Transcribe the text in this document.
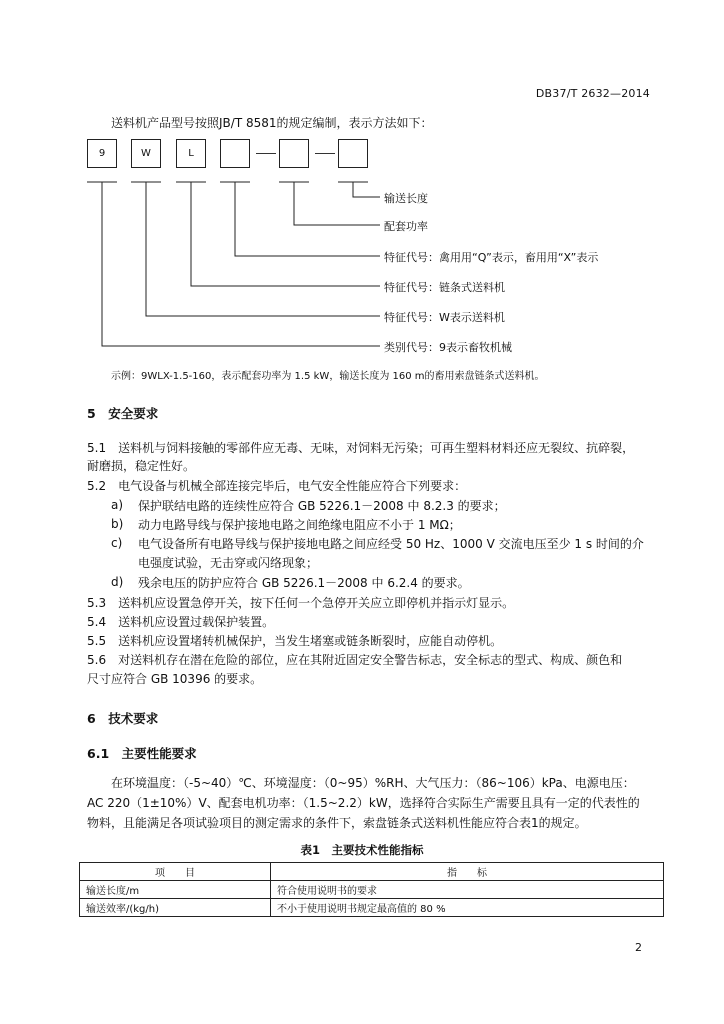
DB37/T 2632—2014
送料机产品型号按照JB/T 8581的规定编制，表示方法如下：
9	W	L
输送长度
配套功率
特征代号：禽用用“Q”表示，畜用用“X”表示
特征代号：链条式送料机
特征代号：W表示送料机
类别代号：9表示畜牧机械
示例：9WLX-1.5-160，表示配套功率为 1.5 kW，输送长度为 160 m的畜用索盘链条式送料机。
5　安全要求
5.1　送料机与饲料接触的零部件应无毒、无味，对饲料无污染；可再生塑料材料还应无裂纹、抗碎裂，
耐磨损，稳定性好。
5.2　电气设备与机械全部连接完毕后，电气安全性能应符合下列要求：
a) 保护联结电路的连续性应符合 GB 5226.1－2008 中 8.2.3 的要求；
b) 动力电路导线与保护接地电路之间绝缘电阻应不小于 1 MΩ；
c) 电气设备所有电路导线与保护接地电路之间应经受 50 Hz、1000 V 交流电压至少 1 s 时间的介
电强度试验，无击穿或闪络现象；
d) 残余电压的防护应符合 GB 5226.1－2008 中 6.2.4 的要求。
5.3　送料机应设置急停开关，按下任何一个急停开关应立即停机并指示灯显示。
5.4　送料机应设置过载保护装置。
5.5　送料机应设置堵转机械保护，当发生堵塞或链条断裂时，应能自动停机。
5.6　对送料机存在潜在危险的部位，应在其附近固定安全警告标志，安全标志的型式、构成、颜色和
尺寸应符合 GB 10396 的要求。
6　技术要求
6.1　主要性能要求
在环境温度：（-5~40）℃、环境湿度：（0~95）%RH、大气压力：（86~106）kPa、电源电压：
AC 220（1±10%）V、配套电机功率：（1.5~2.2）kW，选择符合实际生产需要且具有一定的代表性的
物料，且能满足各项试验项目的测定需求的条件下，索盘链条式送料机性能应符合表1的规定。
表1　主要技术性能指标
项　　目	指　　标
输送长度/m	符合使用说明书的要求
输送效率/(kg/h)	不小于使用说明书规定最高值的 80 %
2
